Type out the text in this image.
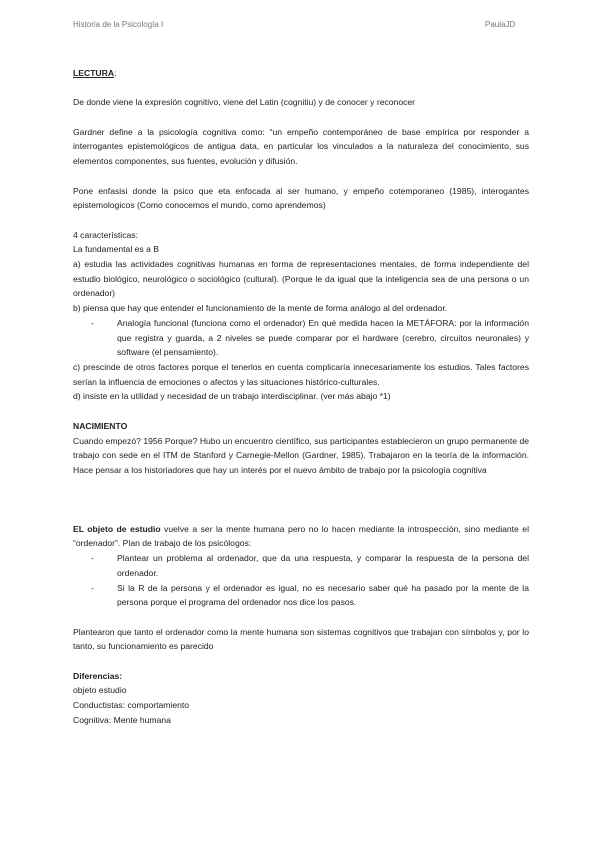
Historia de la Psicología I	PaulaJD

LECTURA:

De donde viene la expresión cognitivo, viene del Latin (cognitiu) y de conocer y reconocer

Gardner define a la psicología cognitiva como: “un empeño contemporáneo de base empírica por responder a interrogantes epistemológicos de antigua data, en particular los vinculados a la naturaleza del conocimiento, sus elementos componentes, sus fuentes, evolución y difusión.

Pone enfasisi donde la psico que eta enfocada al ser humano, y empeño cotemporaneo (1985), interogantes epistemologicos (Como conocemos el mundo, como aprendemos)

4 características:

La fundamental es a B

a) estudia las actividades cognitivas humanas en forma de representaciones mentales, de forma independiente del estudio biológico, neurológico o sociológico (cultural). (Porque le da igual que la inteligencia sea de una persona o un ordenador)

b) piensa que hay que entender el funcionamiento de la mente de forma análogo al del ordenador.

-	Analogía funcional (funciona como el ordenador) En qué medida hacen la METÁFORA: por la información que registra y guarda, a 2 niveles se puede comparar por el hardware (cerebro, circuitos neuronales) y software (el pensamiento).

c) prescinde de otros factores porque el tenerlos en cuenta complicaría innecesariamente los estudios. Tales factores serían la influencia de emociones o afectos y las situaciones histórico-culturales.

d) insiste en la utilidad y necesidad de un trabajo interdisciplinar. (ver más abajo *1)

NACIMIENTO

Cuando empezó? 1956 Porque? Hubo un encuentro científico, sus participantes establecieron un grupo permanente de trabajo con sede en el ITM de Stanford y Carnegie-Mellon (Gardner, 1985). Trabajaron en la teoría de la información. Hace pensar a los historiadores que hay un interés por el nuevo ámbito de trabajo por la psicología cognitiva

EL objeto de estudio vuelve a ser la mente humana pero no lo hacen mediante la introspección, sino mediante el “ordenador”. Plan de trabajo de los psicólogos:

-	Plantear un problema al ordenador, que da una respuesta, y comparar la respuesta de la persona del ordenador.
-	Si la R de la persona y el ordenador es igual, no es necesario saber qué ha pasado por la mente de la persona porque el programa del ordenador nos dice los pasos.

Plantearon que tanto el ordenador como la mente humana son sistemas cognitivos que trabajan con símbolos y, por lo tanto, su funcionamiento es parecido

Diferencias:

objeto estudio

Conductistas: comportamiento

Cognitiva: Mente humana
